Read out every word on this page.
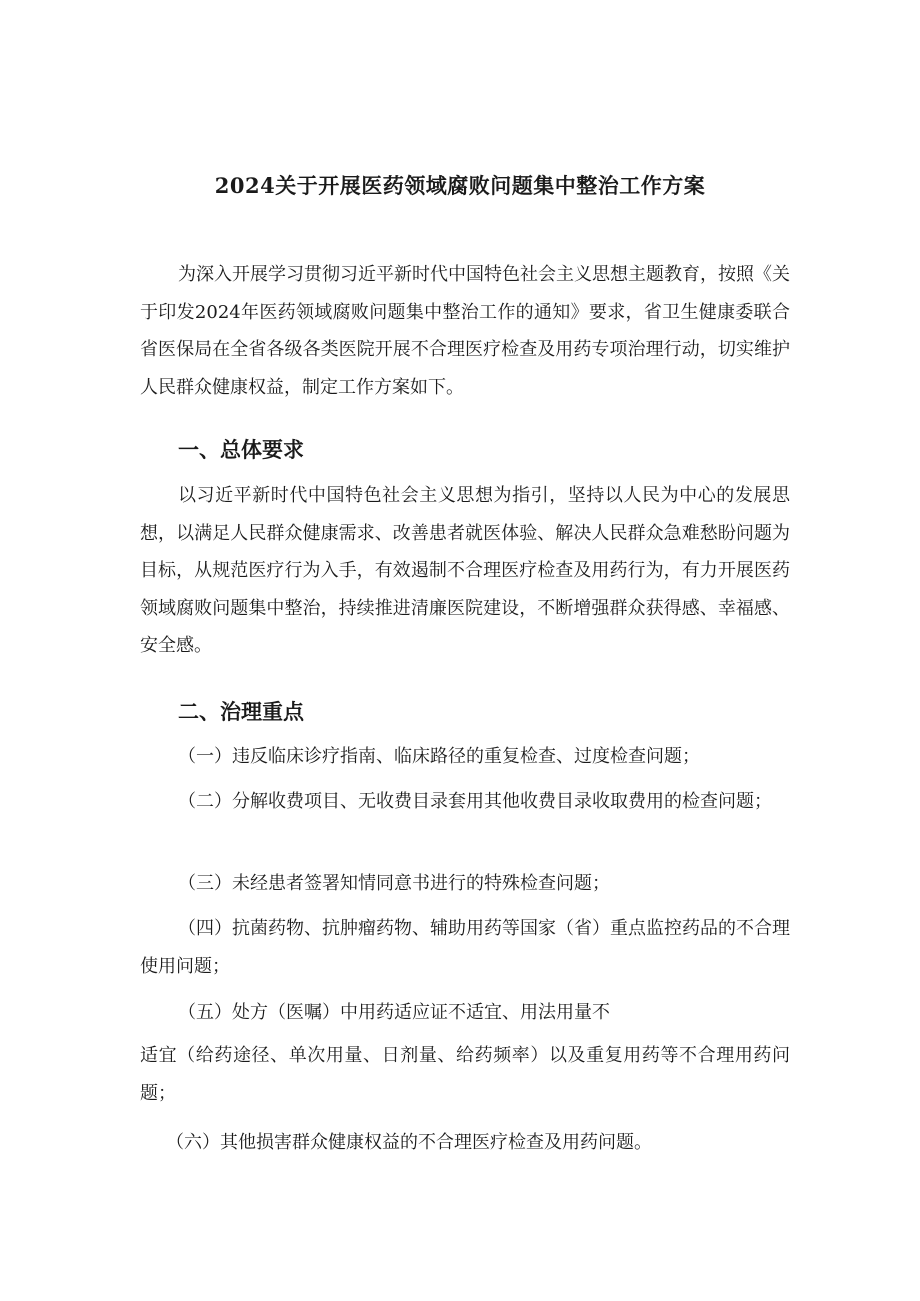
2024关于开展医药领域腐败问题集中整治工作方案
为深入开展学习贯彻习近平新时代中国特色社会主义思想主题教育，按照《关于印发2024年医药领域腐败问题集中整治工作的通知》要求，省卫生健康委联合省医保局在全省各级各类医院开展不合理医疗检查及用药专项治理行动，切实维护人民群众健康权益，制定工作方案如下。
一、总体要求
以习近平新时代中国特色社会主义思想为指引，坚持以人民为中心的发展思想，以满足人民群众健康需求、改善患者就医体验、解决人民群众急难愁盼问题为目标，从规范医疗行为入手，有效遏制不合理医疗检查及用药行为，有力开展医药领域腐败问题集中整治，持续推进清廉医院建设，不断增强群众获得感、幸福感、安全感。
二、治理重点
（一）违反临床诊疗指南、临床路径的重复检查、过度检查问题；
（二）分解收费项目、无收费目录套用其他收费目录收取费用的检查问题；
（三）未经患者签署知情同意书进行的特殊检查问题；
（四）抗菌药物、抗肿瘤药物、辅助用药等国家（省）重点监控药品的不合理使用问题；
（五）处方（医嘱）中用药适应证不适宜、用法用量不
适宜（给药途径、单次用量、日剂量、给药频率）以及重复用药等不合理用药问题；
（六）其他损害群众健康权益的不合理医疗检查及用药问题。
